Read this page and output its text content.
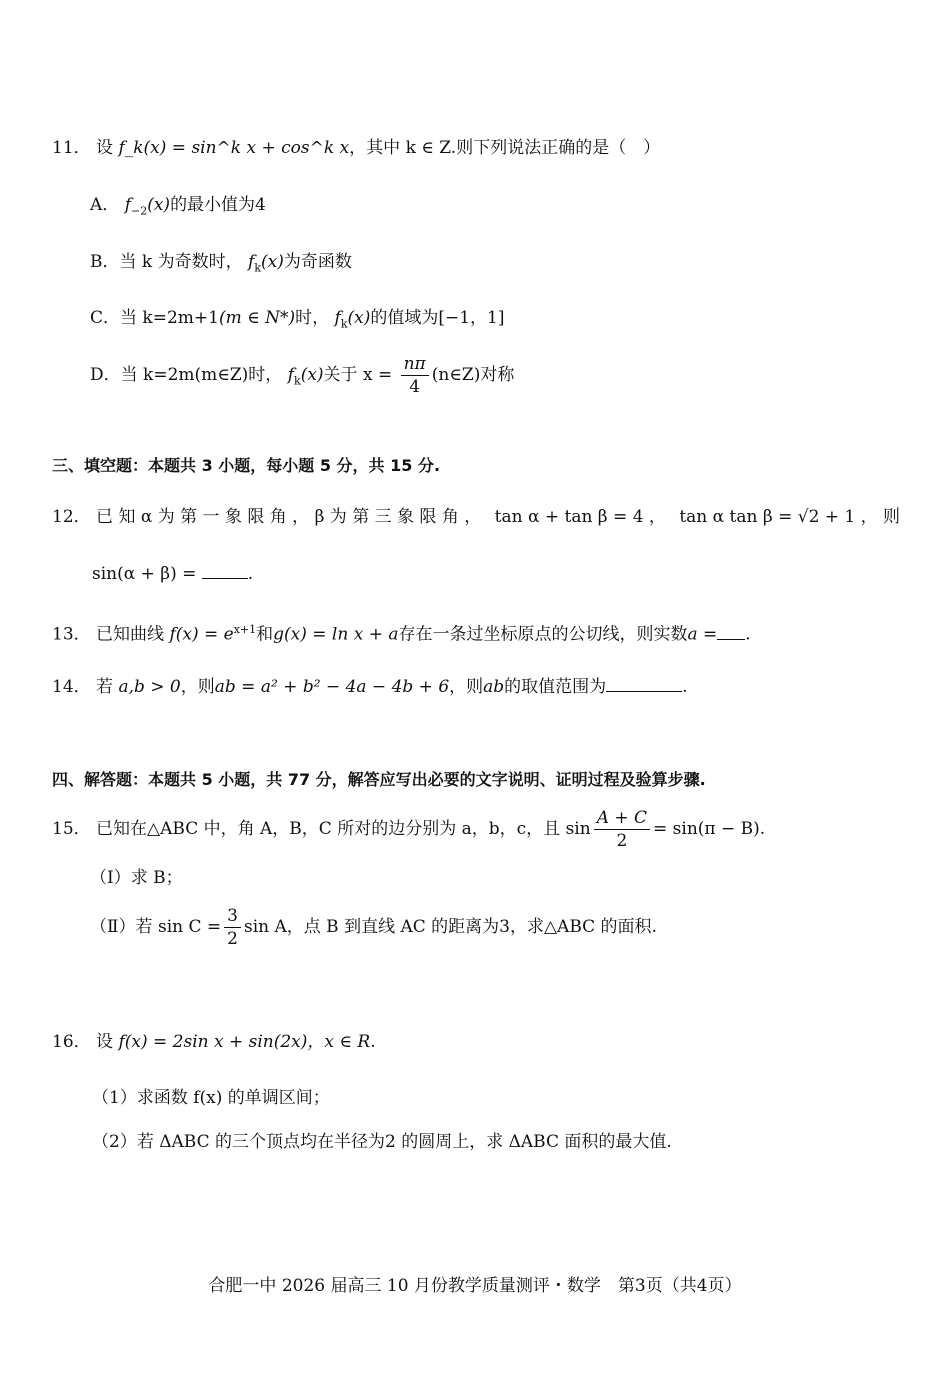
11． 设 f_k(x) = sin^k x + cos^k x，其中 k ∈ Z.则下列说法正确的是（　）
A． $f_{-2}(x)$的最小值为4
B．当 k 为奇数时， $f_k(x)$为奇函数
C．当 k=2m+1(m ∈ N*)时， $f_k(x)$的值域为[−1，1]
D．当 k=2m(m∈Z)时， $f_k(x)$关于 $x = \frac{n\pi}{4}$ (n∈Z)对称
三、填空题：本题共 3 小题，每小题 5 分，共 15 分.
12． 已 知 α 为 第 一 象 限 角 ， β 为 第 三 象 限 角 ， tan α + tan β = 4 ， tan α tan β = √2 + 1 ， 则
sin(α + β) =	.
13． 已知曲线 $f(x) = e^{x+1}$和g(x) = ln x + a存在一条过坐标原点的公切线，则实数a = .
14． 若 a,b > 0，则ab = a² + b² − 4a − 4b + 6，则ab的取值范围为	.
四、解答题：本题共 5 小题，共 77 分，解答应写出必要的文字说明、证明过程及验算步骤.
15． 已知在△ABC 中，角 A，B，C 所对的边分别为 a，b，c，且 $\sin \frac{A + C}{2} = \sin(\pi - B)$.
（Ⅰ）求 B；
（Ⅱ）若 $\sin C = \frac{3}{2}$ sin A，点 B 到直线 AC 的距离为3，求△ABC 的面积.
16． 设 f(x) = 2sin x + sin(2x)，x ∈ R.
（1）求函数 f(x) 的单调区间；
（2）若 ΔABC 的三个顶点均在半径为2 的圆周上，求 ΔABC 面积的最大值.
合肥一中 2026 届高三 10 月份教学质量测评・数学　第3页（共4页）
